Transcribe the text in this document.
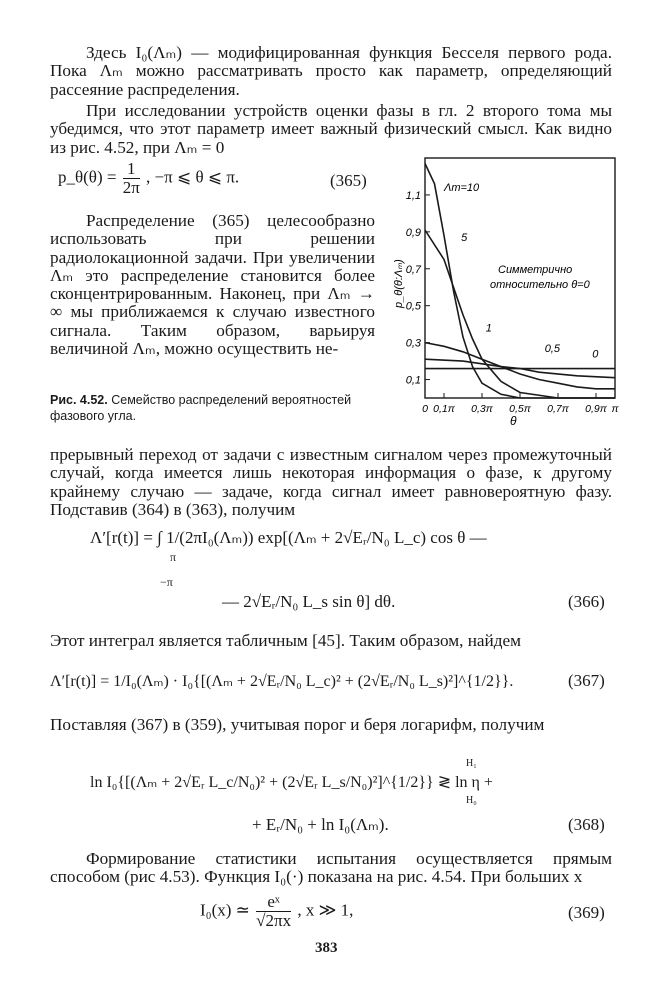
Здесь I₀(Λₘ) — модифицированная функция Бесселя первого рода. Пока Λₘ можно рассматривать просто как параметр, определяющий рассеяние распределения.

При исследовании устройств оценки фазы в гл. 2 второго тома мы убедимся, что этот параметр имеет важный физический смысл. Как видно из рис. 4.52, при Λₘ = 0

p_θ(θ) = $\frac{1}{2\pi}$ , −π ⩽ θ ⩽ π.	(365)

Распределение (365) целесообразно использовать при решении радиолокационной задачи. При увеличении Λₘ это распределение становится более сконцентрированным. Наконец, при Λₘ → ∞ мы приближаемся к случаю известного сигнала. Таким образом, варьируя величиной Λₘ, можно осуществить не-

Рис. 4.52. Семейство распределений вероятностей фазового угла.
0,1
0,3
0,5
0,7
0,9
1,1
0 0,1π 0,3π 0,5π 0,7π 0,9π π
Λm=10
5
1
0,5	0
p_θ(θ:Λₘ)
θ
Симметрично
относительно θ=0

прерывный переход от задачи с известным сигналом через промежуточный случай, когда имеется лишь некоторая информация о фазе, к другому крайнему случаю — задаче, когда сигнал имеет равновероятную фазу. Подставив (364) в (363), получим

Λ′[r(t)] = ∫ 1/(2πI₀(Λₘ)) exp[(Λₘ + 2√Eᵣ/N₀ L_c) cos θ —
π
−π
— 2√Eᵣ/N₀ L_s sin θ] dθ.	(366)

Этот интеграл является табличным [45]. Таким образом, найдем

Λ′[r(t)] = 1/I₀(Λₘ) · I₀{[(Λₘ + 2√Eᵣ/N₀ L_c)² + (2√Eᵣ/N₀ L_s)²]^{1/2}}.	(367)

Поставляя (367) в (359), учитывая порог и беря логарифм, получим

ln I₀{[(Λₘ + 2√Eᵣ L_c/N₀)² + (2√Eᵣ L_s/N₀)²]^{1/2}} ≷ ln η +
H₁
H₀
+ Eᵣ/N₀ + ln I₀(Λₘ).	(368)

Формирование статистики испытания осуществляется прямым способом (рис 4.53). Функция I₀(·) показана на рис. 4.54. При больших x

I₀(x) ≃ $\frac{\text{eˣ}}{√2\pi x}$ , x ≫ 1,	(369)
383
